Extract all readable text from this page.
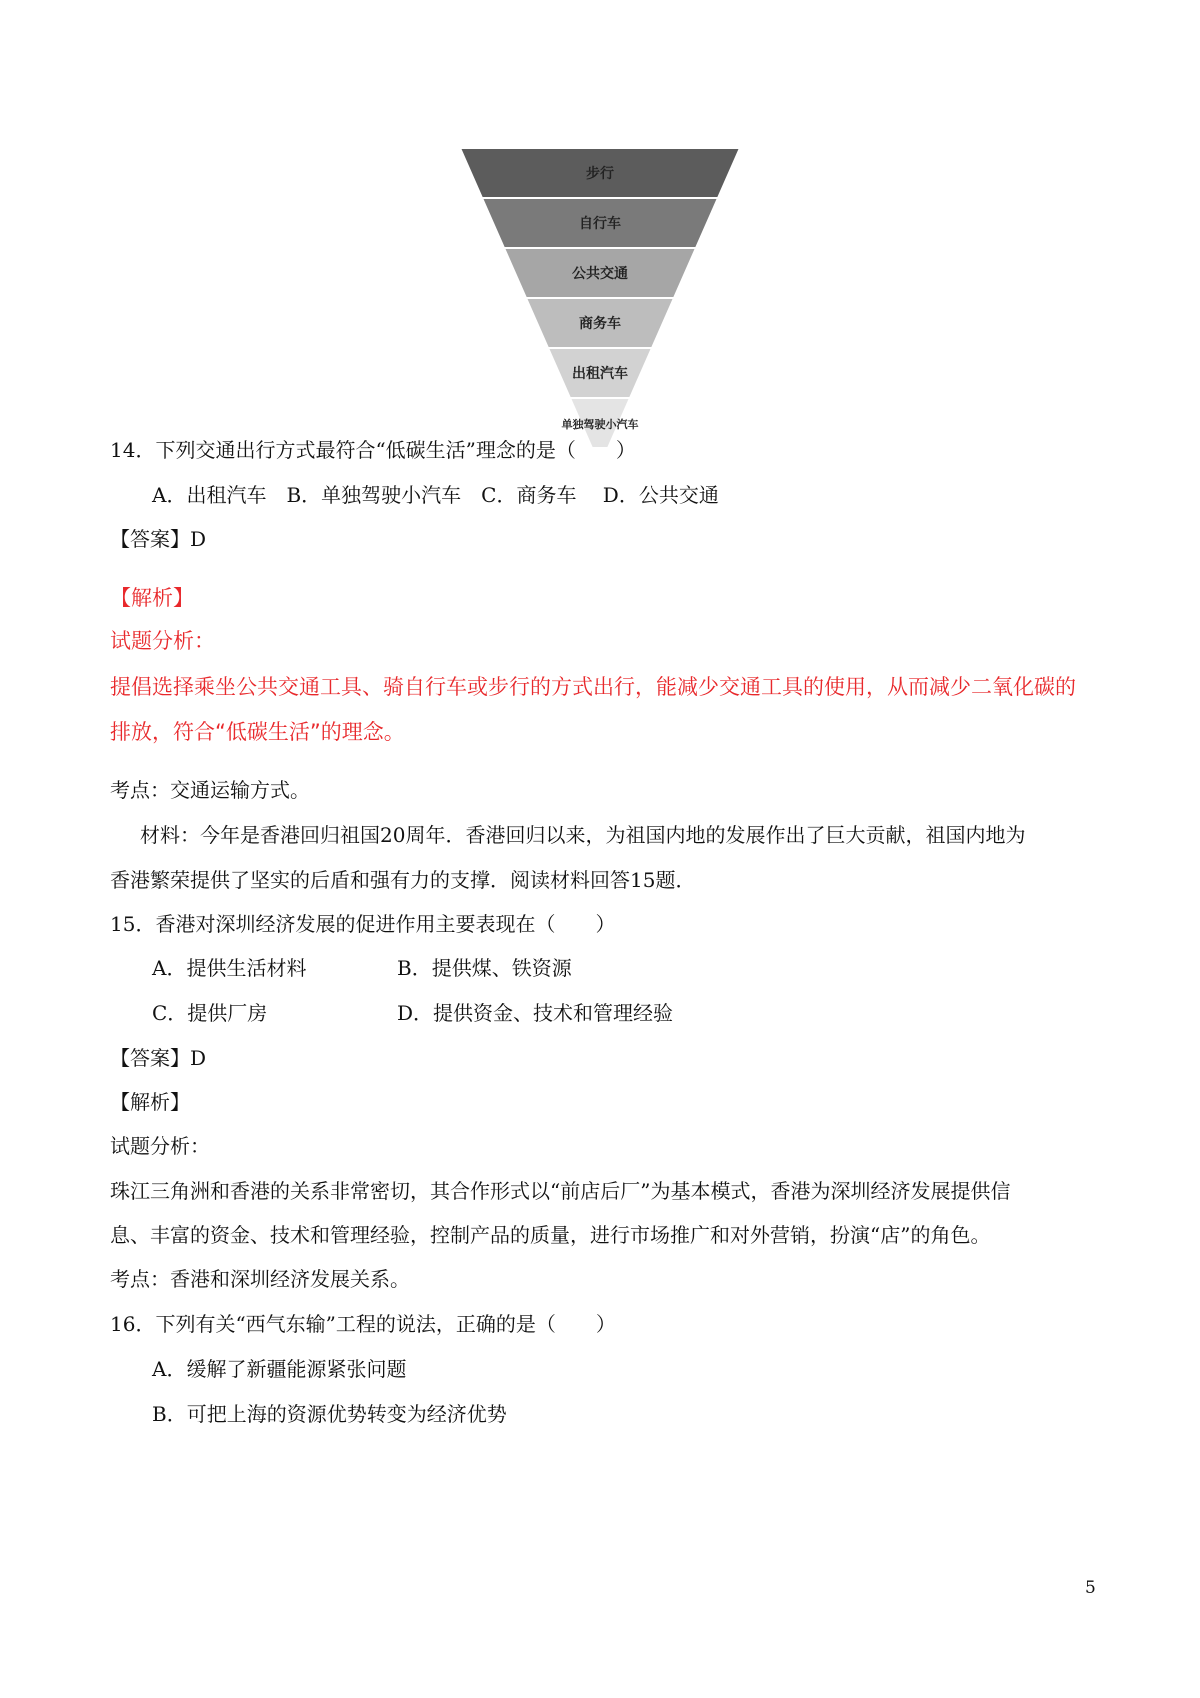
步行
自行车
公共交通
商务车
出租汽车
单独驾驶小汽车
14．下列交通出行方式最符合“低碳生活”理念的是（　　）
A．出租汽车　B．单独驾驶小汽车　C．商务车　 D．公共交通
【答案】D
【解析】
试题分析：
提倡选择乘坐公共交通工具、骑自行车或步行的方式出行，能减少交通工具的使用，从而减少二氧化碳的
排放，符合“低碳生活”的理念。
考点：交通运输方式。
材料：今年是香港回归祖国20周年．香港回归以来，为祖国内地的发展作出了巨大贡献，祖国内地为
香港繁荣提供了坚实的后盾和强有力的支撑．阅读材料回答15题．
15．香港对深圳经济发展的促进作用主要表现在（　　）
A．提供生活材料	B．提供煤、铁资源
C．提供厂房	D．提供资金、技术和管理经验
【答案】D
【解析】
试题分析：
珠江三角洲和香港的关系非常密切，其合作形式以“前店后厂”为基本模式，香港为深圳经济发展提供信
息、丰富的资金、技术和管理经验，控制产品的质量，进行市场推广和对外营销，扮演“店”的角色。
考点：香港和深圳经济发展关系。
16．下列有关“西气东输”工程的说法，正确的是（　　）
A．缓解了新疆能源紧张问题
B．可把上海的资源优势转变为经济优势
5
